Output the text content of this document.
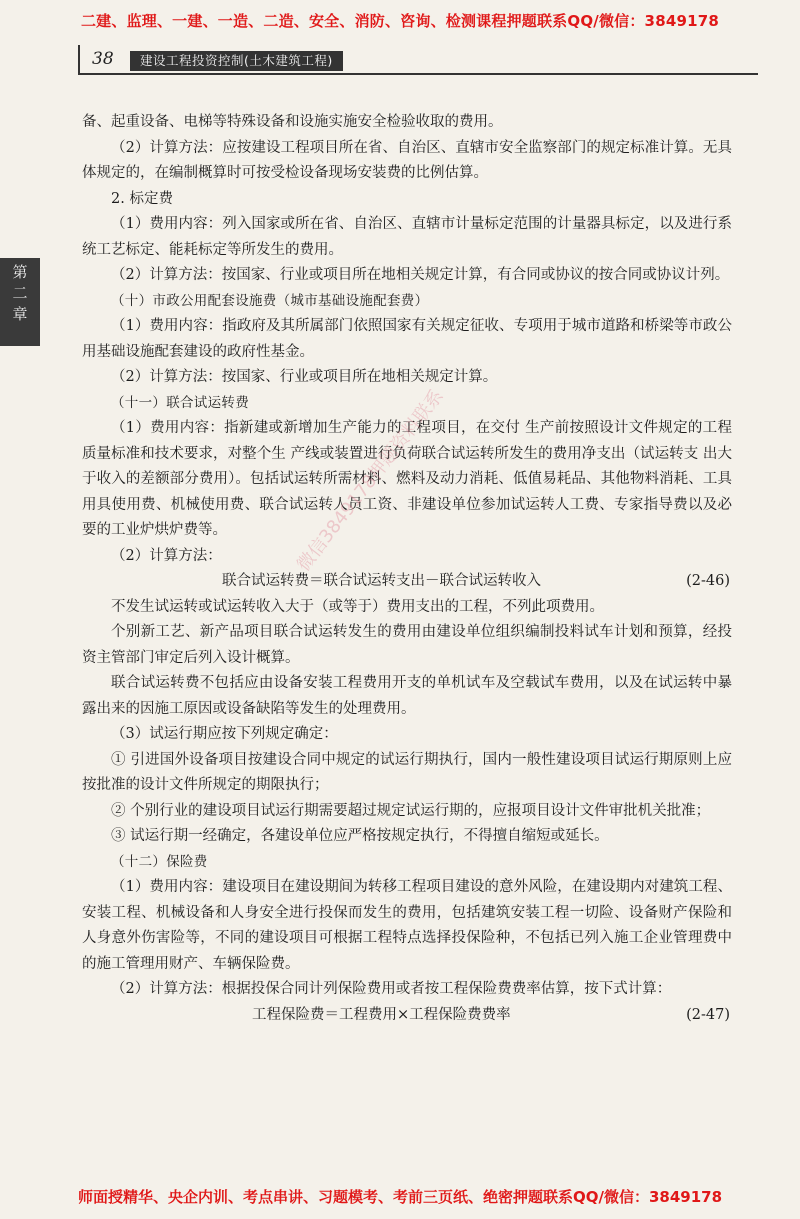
二建、监理、一建、一造、二造、安全、消防、咨询、检测课程押题联系QQ/微信：3849178
38	建设工程投资控制(土木建筑工程)
第
二
章

备、起重设备、电梯等特殊设备和设施实施安全检验收取的费用。

（2）计算方法：应按建设工程项目所在省、自治区、直辖市安全监察部门的规定标准计算。无具体规定的，在编制概算时可按受检设备现场安装费的比例估算。

2. 标定费

（1）费用内容：列入国家或所在省、自治区、直辖市计量标定范围的计量器具标定，以及进行系统工艺标定、能耗标定等所发生的费用。

（2）计算方法：按国家、行业或项目所在地相关规定计算，有合同或协议的按合同或协议计列。

（十）市政公用配套设施费（城市基础设施配套费）

（1）费用内容：指政府及其所属部门依照国家有关规定征收、专项用于城市道路和桥梁等市政公用基础设施配套建设的政府性基金。

（2）计算方法：按国家、行业或项目所在地相关规定计算。

（十一）联合试运转费

（1）费用内容：指新建或新增加生产能力的工程项目，在交付 生产前按照设计文件规定的工程质量标准和技术要求，对整个生 产线或装置进行负荷联合试运转所发生的费用净支出（试运转支 出大于收入的差额部分费用）。包括试运转所需材料、燃料及动力消耗、低值易耗品、其他物料消耗、工具用具使用费、机械使用费、联合试运转人员工资、非建设单位参加试运转人工费、专家指导费以及必要的工业炉烘炉费等。

（2）计算方法：

联合试运转费＝联合试运转支出－联合试运转收入	(2-46)

不发生试运转或试运转收入大于（或等于）费用支出的工程，不列此项费用。

个别新工艺、新产品项目联合试运转发生的费用由建设单位组织编制投料试车计划和预算，经投资主管部门审定后列入设计概算。

联合试运转费不包括应由设备安装工程费用开支的单机试车及空载试车费用，以及在试运转中暴露出来的因施工原因或设备缺陷等发生的处理费用。

（3）试运行期应按下列规定确定：

① 引进国外设备项目按建设合同中规定的试运行期执行，国内一般性建设项目试运行期原则上应按批准的设计文件所规定的期限执行；

② 个别行业的建设项目试运行期需要超过规定试运行期的，应报项目设计文件审批机关批准；

③ 试运行期一经确定，各建设单位应严格按规定执行，不得擅自缩短或延长。

（十二）保险费

（1）费用内容：建设项目在建设期间为转移工程项目建设的意外风险，在建设期内对建筑工程、安装工程、机械设备和人身安全进行投保而发生的费用，包括建筑安装工程一切险、设备财产保险和人身意外伤害险等，不同的建设项目可根据工程特点选择投保险种，不包括已列入施工企业管理费中的施工管理用财产、车辆保险费。

（2）计算方法：根据投保合同计列保险费用或者按工程保险费费率估算，按下式计算：

工程保险费＝工程费用×工程保险费费率	(2-47)
微信3849178押题资料联系
师面授精华、央企内训、考点串讲、习题模考、考前三页纸、绝密押题联系QQ/微信：3849178
